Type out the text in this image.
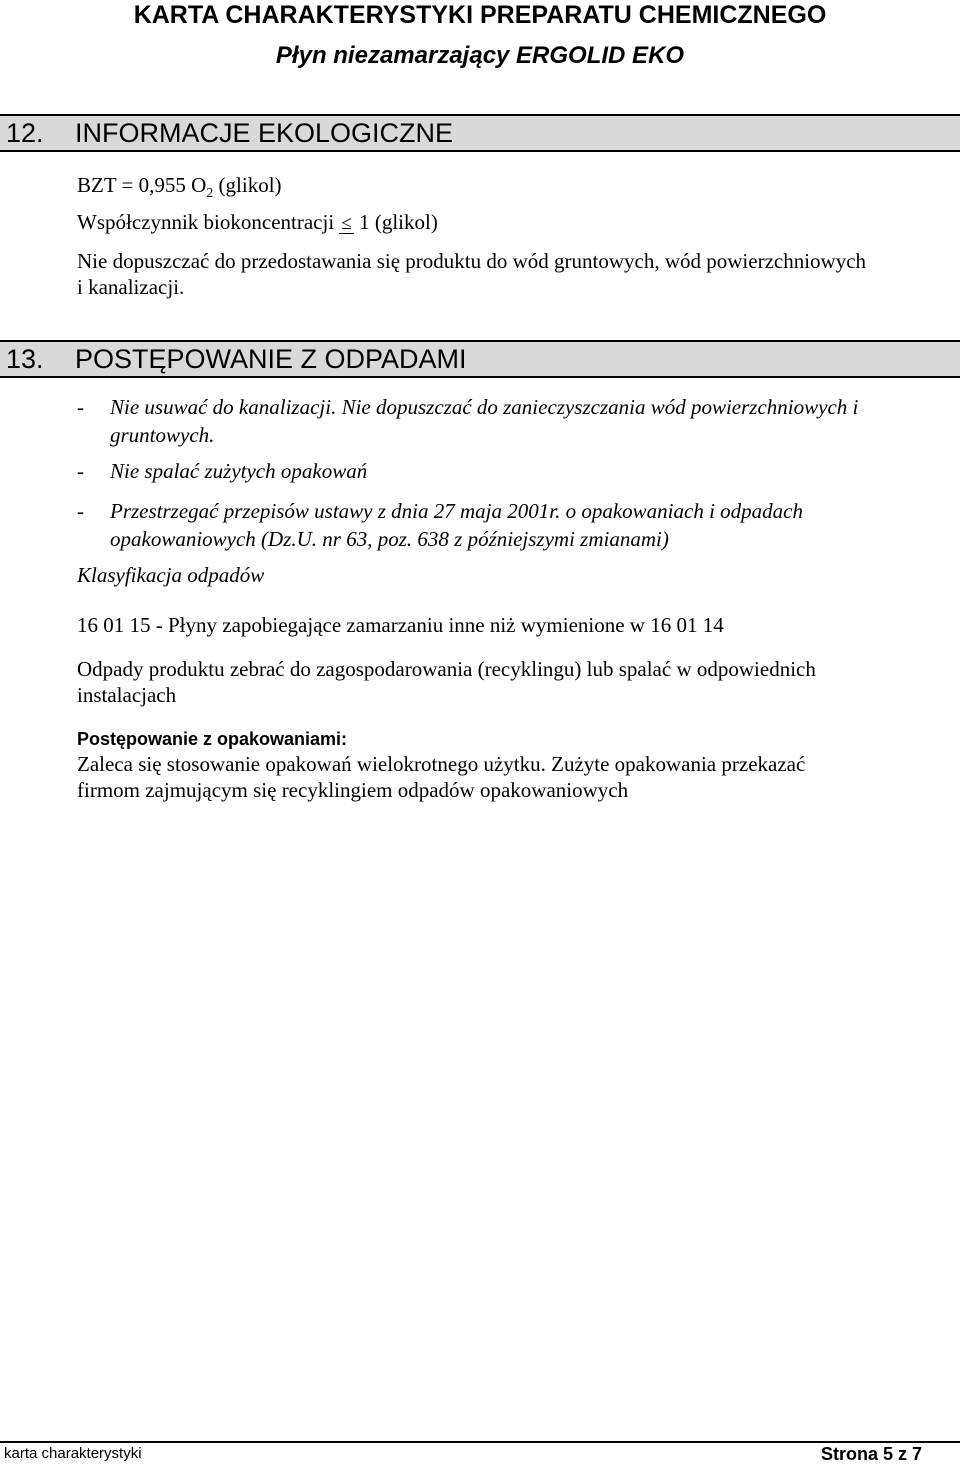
KARTA CHARAKTERYSTYKI PREPARATU CHEMICZNEGO
Płyn niezamarzający ERGOLID EKO
12. INFORMACJE EKOLOGICZNE
BZT = 0,955 $O_2$ (glikol)
Współczynnik biokoncentracji ≤ 1 (glikol)
Nie dopuszczać do przedostawania się produktu do wód gruntowych, wód powierzchniowych
i kanalizacji.
13. POSTĘPOWANIE Z ODPADAMI
- Nie usuwać do kanalizacji. Nie dopuszczać do zanieczyszczania wód powierzchniowych i
gruntowych.
- Nie spalać zużytych opakowań
- Przestrzegać przepisów ustawy z dnia 27 maja 2001r. o opakowaniach i odpadach
opakowaniowych (Dz.U. nr 63, poz. 638 z późniejszymi zmianami)
Klasyfikacja odpadów
16 01 15 - Płyny zapobiegające zamarzaniu inne niż wymienione w 16 01 14
Odpady produktu zebrać do zagospodarowania (recyklingu) lub spalać w odpowiednich
instalacjach
Postępowanie z opakowaniami:
Zaleca się stosowanie opakowań wielokrotnego użytku. Zużyte opakowania przekazać
firmom zajmującym się recyklingiem odpadów opakowaniowych
karta charakterystyki	Strona 5 z 7
